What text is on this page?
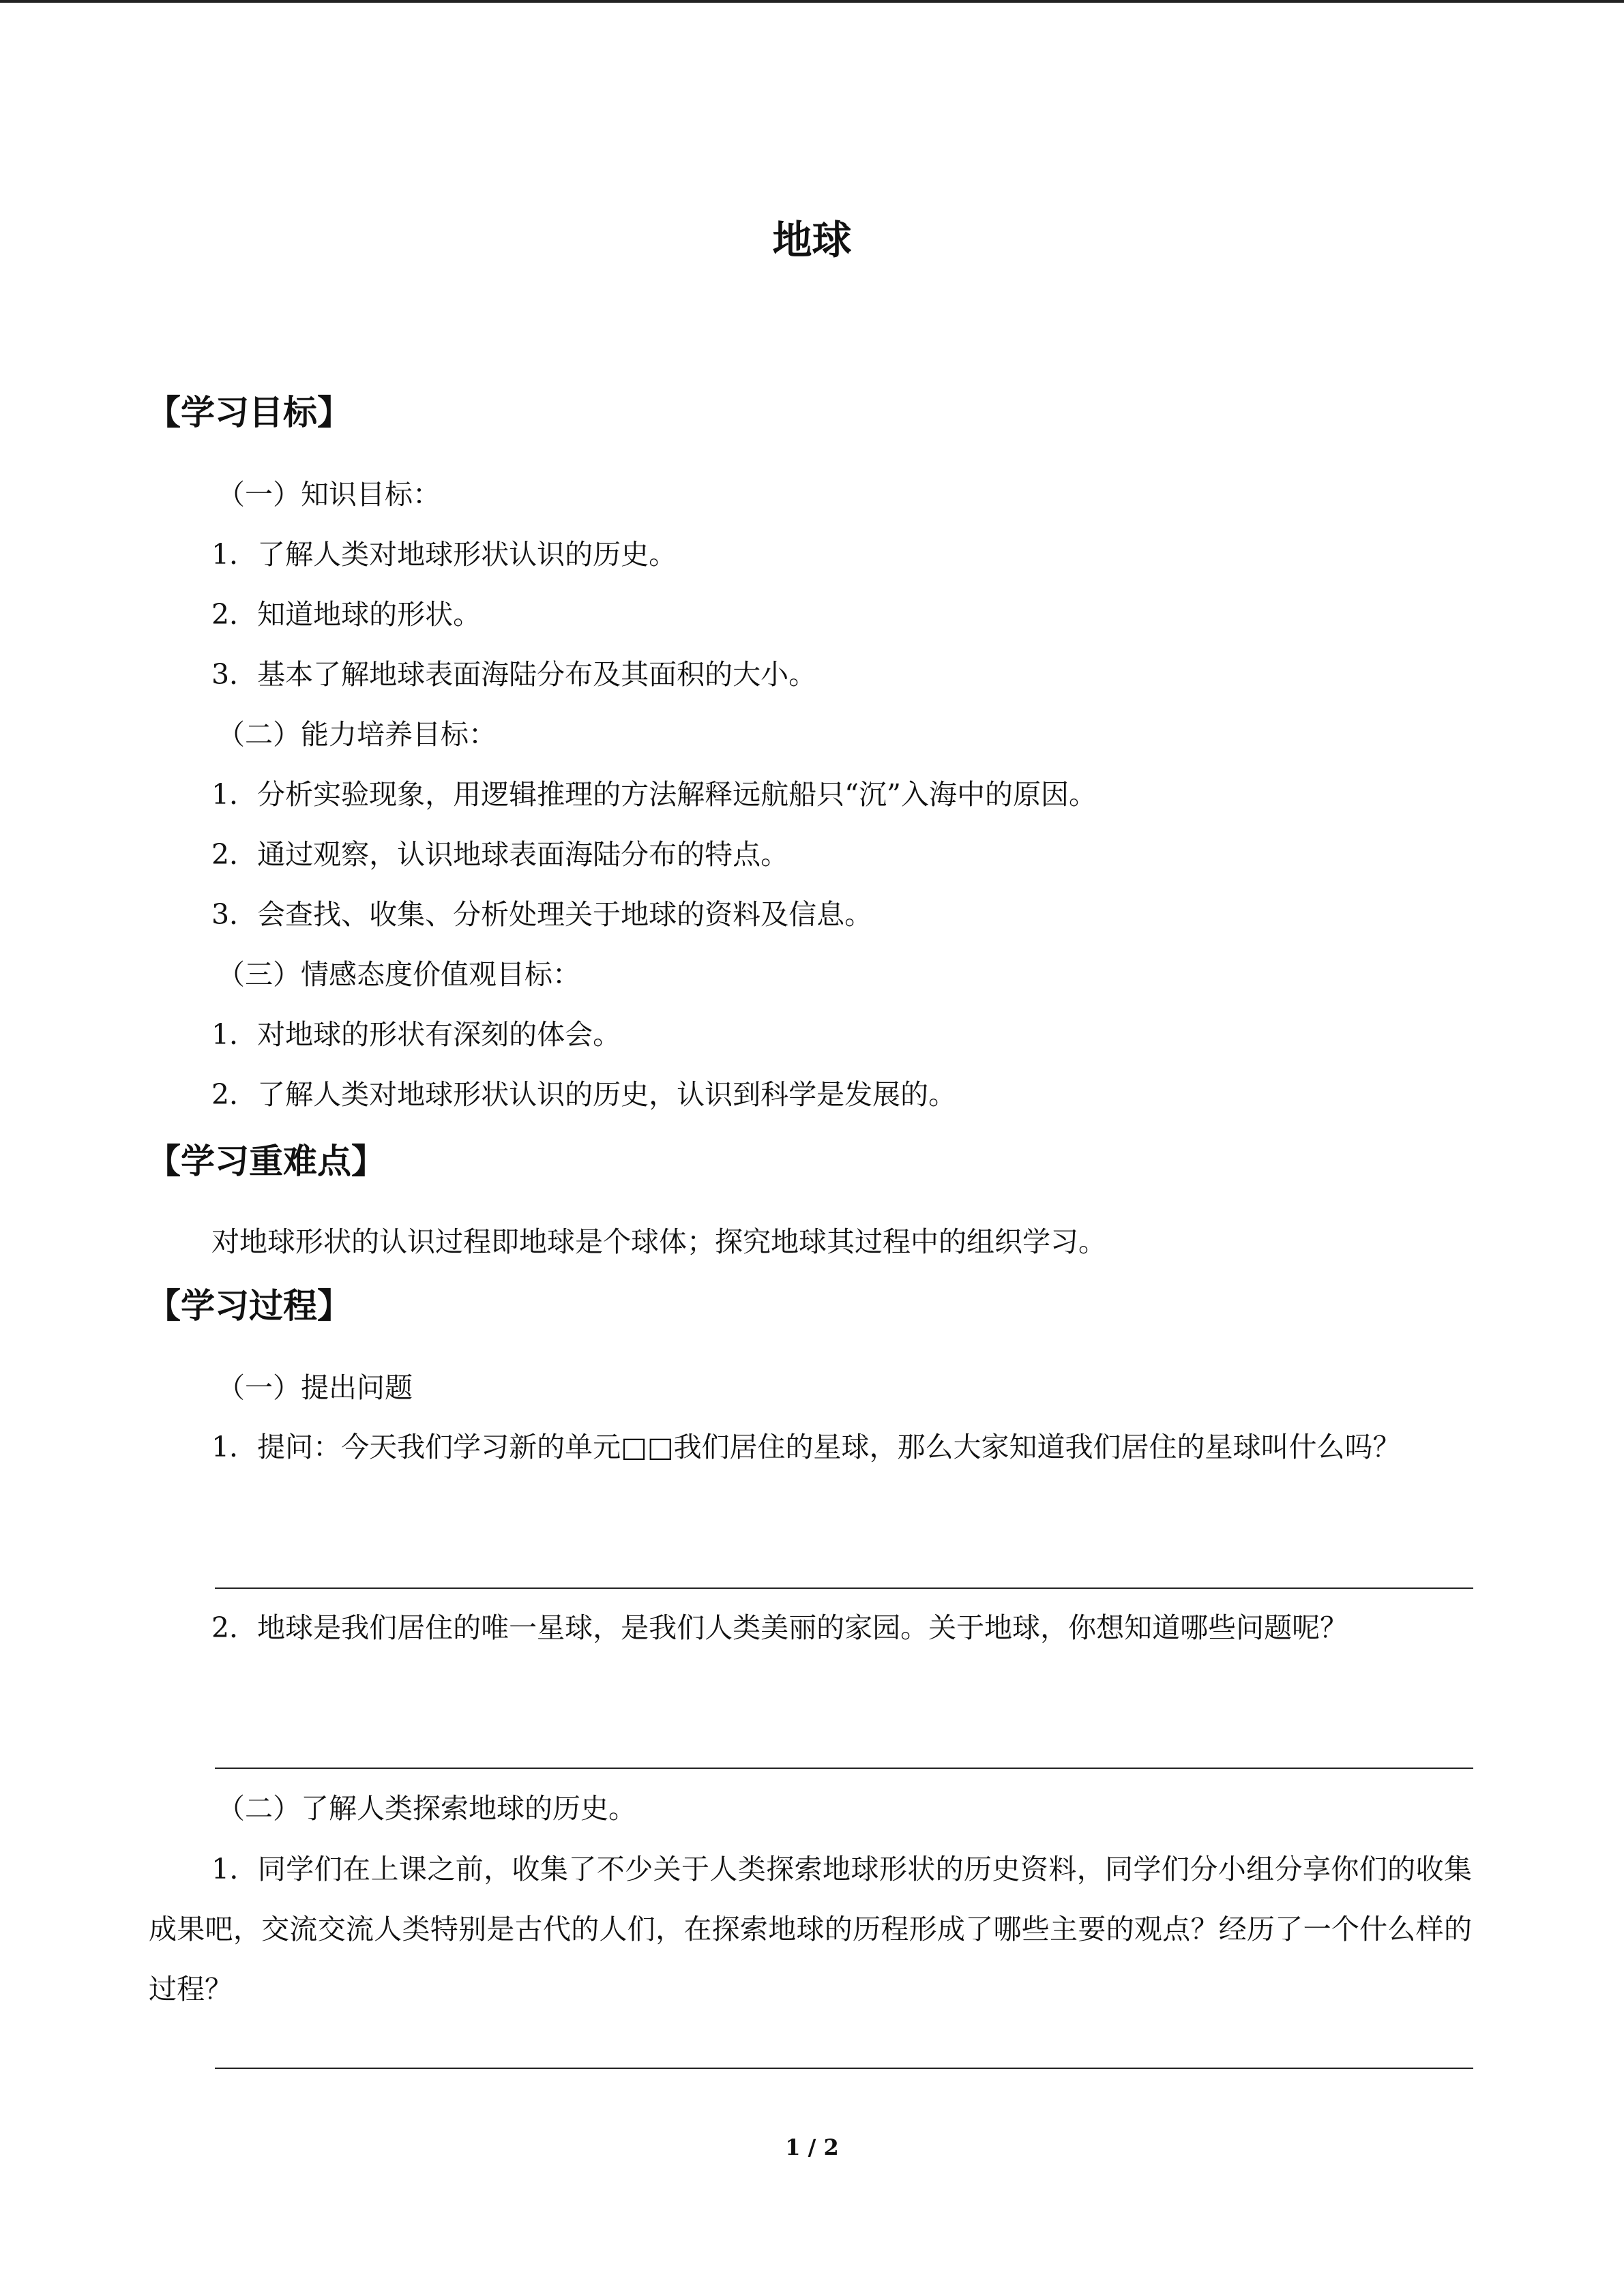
地球
【学习目标】

（一）知识目标：

1．了解人类对地球形状认识的历史。

2．知道地球的形状。

3．基本了解地球表面海陆分布及其面积的大小。

（二）能力培养目标：

1．分析实验现象，用逻辑推理的方法解释远航船只“沉”入海中的原因。

2．通过观察，认识地球表面海陆分布的特点。

3．会查找、收集、分析处理关于地球的资料及信息。

（三）情感态度价值观目标：

1．对地球的形状有深刻的体会。

2．了解人类对地球形状认识的历史，认识到科学是发展的。

【学习重难点】

对地球形状的认识过程即地球是个球体；探究地球其过程中的组织学习。

【学习过程】

（一）提出问题

1．提问：今天我们学习新的单元□□我们居住的星球，那么大家知道我们居住的星球叫什么吗？

2．地球是我们居住的唯一星球，是我们人类美丽的家园。关于地球，你想知道哪些问题呢？

（二）了解人类探索地球的历史。

1．同学们在上课之前，收集了不少关于人类探索地球形状的历史资料，同学们分小组分享你们的收集成果吧，交流交流人类特别是古代的人们，在探索地球的历程形成了哪些主要的观点？经历了一个什么样的过程？

1 / 2
